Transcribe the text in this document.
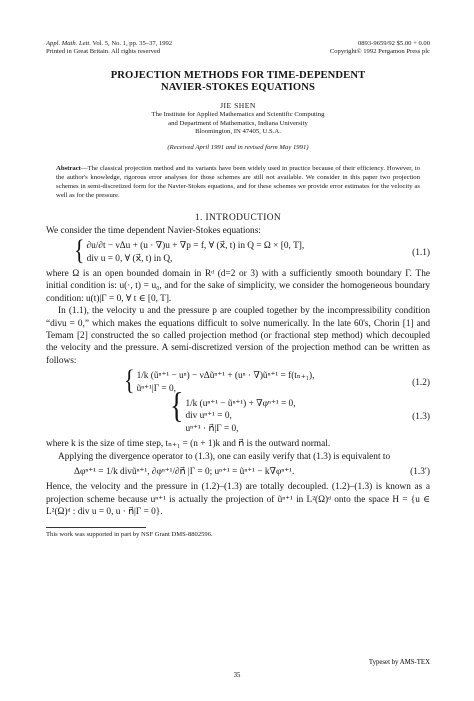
Appl. Math. Lett. Vol. 5, No. 1, pp. 35–37, 1992
Printed in Great Britain. All rights reserved
0893-9659/92 $5.00 + 0.00
Copyright© 1992 Pergamon Press plc
PROJECTION METHODS FOR TIME-DEPENDENT
NAVIER-STOKES EQUATIONS
JIE SHEN
The Institute for Applied Mathematics and Scientific Computing
and Department of Mathematics, Indiana University
Bloomington, IN 47405, U.S.A.
(Received April 1991 and in revised form May 1991)
Abstract—The classical projection method and its variants have been widely used in practice because of their efficiency. However, to the author's knowledge, rigorous error analyses for those schemes are still not available. We consider in this paper two projection schemes in semi-discretized form for the Navier-Stokes equations, and for these schemes we provide error estimates for the velocity as well as for the pressure.
1. INTRODUCTION

We consider the time dependent Navier-Stokes equations:

{ ∂u/∂t − νΔu + (u · ∇)u + ∇p = f, ∀ (x⃗, t) in Q = Ω × [0, T],
div u = 0, ∀ (x⃗, t) in Q,
(1.1)

where Ω is an open bounded domain in Rᵈ (d=2 or 3) with a sufficiently smooth boundary Γ. The initial condition is: u(·, t) = u₀, and for the sake of simplicity, we consider the homogeneous boundary condition: u(t)|Γ = 0, ∀ t ∈ [0, T].

In (1.1), the velocity u and the pressure p are coupled together by the incompressibility condition “divu = 0,” which makes the equations difficult to solve numerically. In the late 60's, Chorin [1] and Temam [2] constructed the so called projection method (or fractional step method) which decoupled the velocity and the pressure. A semi-discretized version of the projection method can be written as follows:

{ 1/k (ũⁿ⁺¹ − uⁿ) − νΔũⁿ⁺¹ + (uⁿ · ∇)ũⁿ⁺¹ = f(tₙ₊₁),
ũⁿ⁺¹|Γ = 0,
(1.2)
{ 1/k (uⁿ⁺¹ − ũⁿ⁺¹) + ∇φⁿ⁺¹ = 0,
div uⁿ⁺¹ = 0,
uⁿ⁺¹ · n⃗|Γ = 0,
(1.3)

where k is the size of time step, tₙ₊₁ = (n + 1)k and n⃗ is the outward normal.

Applying the divergence operator to (1.3), one can easily verify that (1.3) is equivalent to

Δφⁿ⁺¹ = 1/k divũⁿ⁺¹, ∂φⁿ⁺¹/∂n⃗ |Γ = 0; uⁿ⁺¹ = ũⁿ⁺¹ − k∇φⁿ⁺¹.	(1.3′)

Hence, the velocity and the pressure in (1.2)–(1.3) are totally decoupled. (1.2)–(1.3) is known as a projection scheme because uⁿ⁺¹ is actually the projection of ũⁿ⁺¹ in L²(Ω)ᵈ onto the space H = {u ∈ L²(Ω)ᵈ : div u = 0, u · n⃗|Γ = 0}.

This work was supported in part by NSF Grant DMS-8802596.
Typeset by AMS-TEX
35
